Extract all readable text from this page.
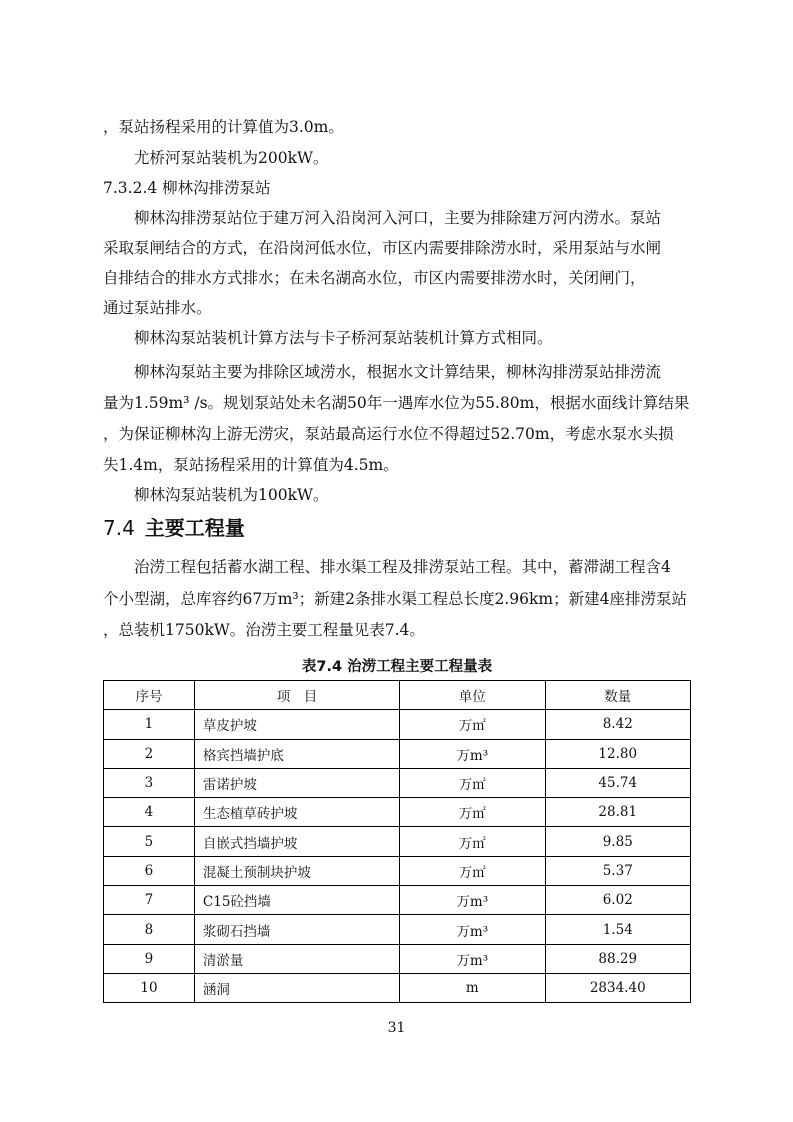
，泵站扬程采用的计算值为3.0m。
尤桥河泵站装机为200kW。
7.3.2.4 柳林沟排涝泵站
柳林沟排涝泵站位于建万河入沿岗河入河口，主要为排除建万河内涝水。泵站
采取泵闸结合的方式，在沿岗河低水位，市区内需要排除涝水时，采用泵站与水闸
自排结合的排水方式排水；在未名湖高水位，市区内需要排涝水时，关闭闸门，
通过泵站排水。
柳林沟泵站装机计算方法与卡子桥河泵站装机计算方式相同。
柳林沟泵站主要为排除区域涝水，根据水文计算结果，柳林沟排涝泵站排涝流
量为1.59m³ /s。规划泵站处未名湖50年一遇库水位为55.80m，根据水面线计算结果
，为保证柳林沟上游无涝灾，泵站最高运行水位不得超过52.70m，考虑水泵水头损
失1.4m，泵站扬程采用的计算值为4.5m。
柳林沟泵站装机为100kW。
7.4 主要工程量
治涝工程包括蓄水湖工程、排水渠工程及排涝泵站工程。其中，蓄滞湖工程含4
个小型湖，总库容约67万m³；新建2条排水渠工程总长度2.96km；新建4座排涝泵站
，总装机1750kW。治涝主要工程量见表7.4。
表7.4 治涝工程主要工程量表
序号	项　目	单位	数量
1	草皮护坡	万㎡	8.42
2	格宾挡墙护底	万m³	12.80
3	雷诺护坡	万㎡	45.74
4	生态植草砖护坡	万㎡	28.81
5	自嵌式挡墙护坡	万㎡	9.85
6	混凝土预制块护坡	万㎡	5.37
7	C15砼挡墙	万m³	6.02
8	浆砌石挡墙	万m³	1.54
9	清淤量	万m³	88.29
10	涵洞	m	2834.40
31
